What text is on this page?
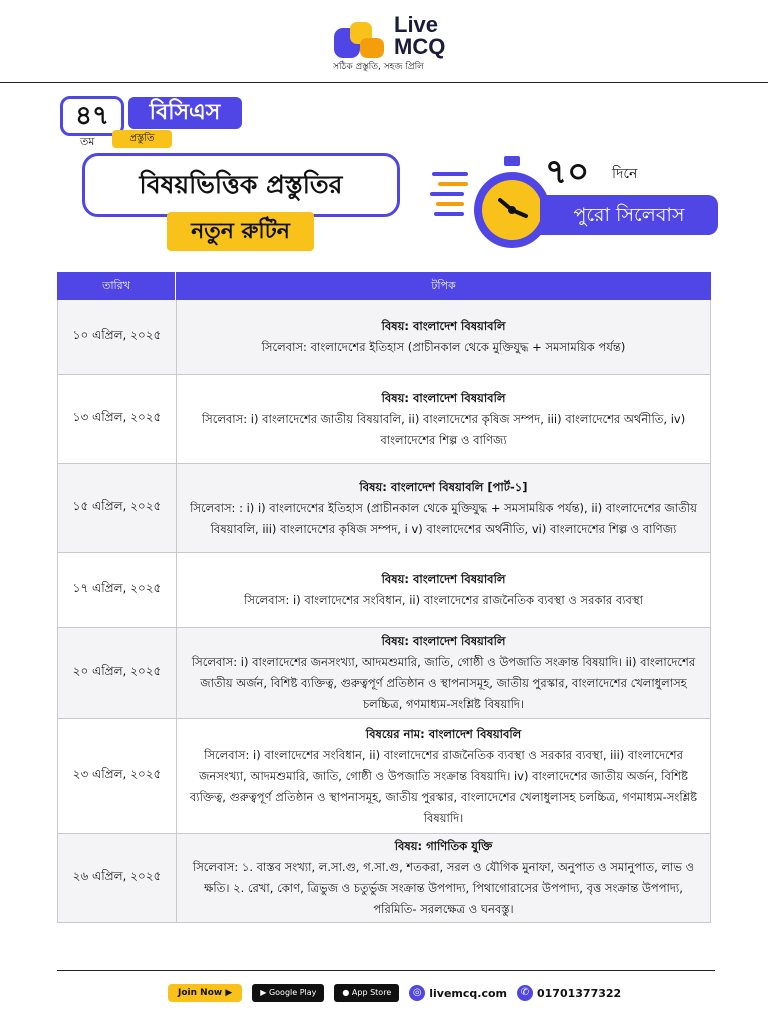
Live
MCQ
সঠিক প্রস্তুতি, সহজ প্রিলি
৪৭	বিসিএস
তম	প্রস্তুতি
বিষয়ভিত্তিক প্রস্তুতির
নতুন রুটিন
৭০ দিনে
পুরো সিলেবাস
তারিখ	টপিক
১০ এপ্রিল, ২০২৫
বিষয়: বাংলাদেশ বিষয়াবলি
সিলেবাস: বাংলাদেশের ইতিহাস (প্রাচীনকাল থেকে মুক্তিযুদ্ধ + সমসাময়িক পর্যন্ত)
১৩ এপ্রিল, ২০২৫
বিষয়: বাংলাদেশ বিষয়াবলি
সিলেবাস: i) বাংলাদেশের জাতীয় বিষয়াবলি, ii) বাংলাদেশের কৃষিজ সম্পদ, iii) বাংলাদেশের অর্থনীতি, iv) বাংলাদেশের শিল্প ও বাণিজ্য
১৫ এপ্রিল, ২০২৫
বিষয়: বাংলাদেশ বিষয়াবলি [পার্ট-১]
সিলেবাস: : i) i) বাংলাদেশের ইতিহাস (প্রাচীনকাল থেকে মুক্তিযুদ্ধ + সমসাময়িক পর্যন্ত), ii) বাংলাদেশের জাতীয় বিষয়াবলি, iii) বাংলাদেশের কৃষিজ সম্পদ, i v) বাংলাদেশের অর্থনীতি, vi) বাংলাদেশের শিল্প ও বাণিজ্য
১৭ এপ্রিল, ২০২৫
বিষয়: বাংলাদেশ বিষয়াবলি
সিলেবাস: i) বাংলাদেশের সংবিধান, ii) বাংলাদেশের রাজনৈতিক ব্যবস্থা ও সরকার ব্যবস্থা
২০ এপ্রিল, ২০২৫
বিষয়: বাংলাদেশ বিষয়াবলি
সিলেবাস: i) বাংলাদেশের জনসংখ্যা, আদমশুমারি, জাতি, গোষ্ঠী ও উপজাতি সংক্রান্ত বিষয়াদি। ii) বাংলাদেশের জাতীয় অর্জন, বিশিষ্ট ব্যক্তিত্ব, গুরুত্বপূর্ণ প্রতিষ্ঠান ও স্থাপনাসমূহ, জাতীয় পুরস্কার, বাংলাদেশের খেলাধুলাসহ চলচ্চিত্র, গণমাধ্যম-সংশ্লিষ্ট বিষয়াদি।
২৩ এপ্রিল, ২০২৫
বিষয়ের নাম: বাংলাদেশ বিষয়াবলি
সিলেবাস: i) বাংলাদেশের সংবিধান, ii) বাংলাদেশের রাজনৈতিক ব্যবস্থা ও সরকার ব্যবস্থা, iii) বাংলাদেশের জনসংখ্যা, আদমশুমারি, জাতি, গোষ্ঠী ও উপজাতি সংক্রান্ত বিষয়াদি। iv) বাংলাদেশের জাতীয় অর্জন, বিশিষ্ট ব্যক্তিত্ব, গুরুত্বপূর্ণ প্রতিষ্ঠান ও স্থাপনাসমূহ, জাতীয় পুরস্কার, বাংলাদেশের খেলাধুলাসহ চলচ্চিত্র, গণমাধ্যম-সংশ্লিষ্ট বিষয়াদি।
২৬ এপ্রিল, ২০২৫
বিষয়: গাণিতিক যুক্তি
সিলেবাস: ১. বাস্তব সংখ্যা, ল.সা.গু, গ.সা.গু, শতকরা, সরল ও যৌগিক মুনাফা, অনুপাত ও সমানুপাত, লাভ ও ক্ষতি। ২. রেখা, কোণ, ত্রিভুজ ও চতুর্ভুজ সংক্রান্ত উপপাদ্য, পিথাগোরাসের উপপাদ্য, বৃত্ত সংক্রান্ত উপপাদ্য, পরিমিতি- সরলক্ষেত্র ও ঘনবস্তু।
Join Now ▶	▶ Google Play	● App Store	◎ livemcq.com	✆ 01701377322
